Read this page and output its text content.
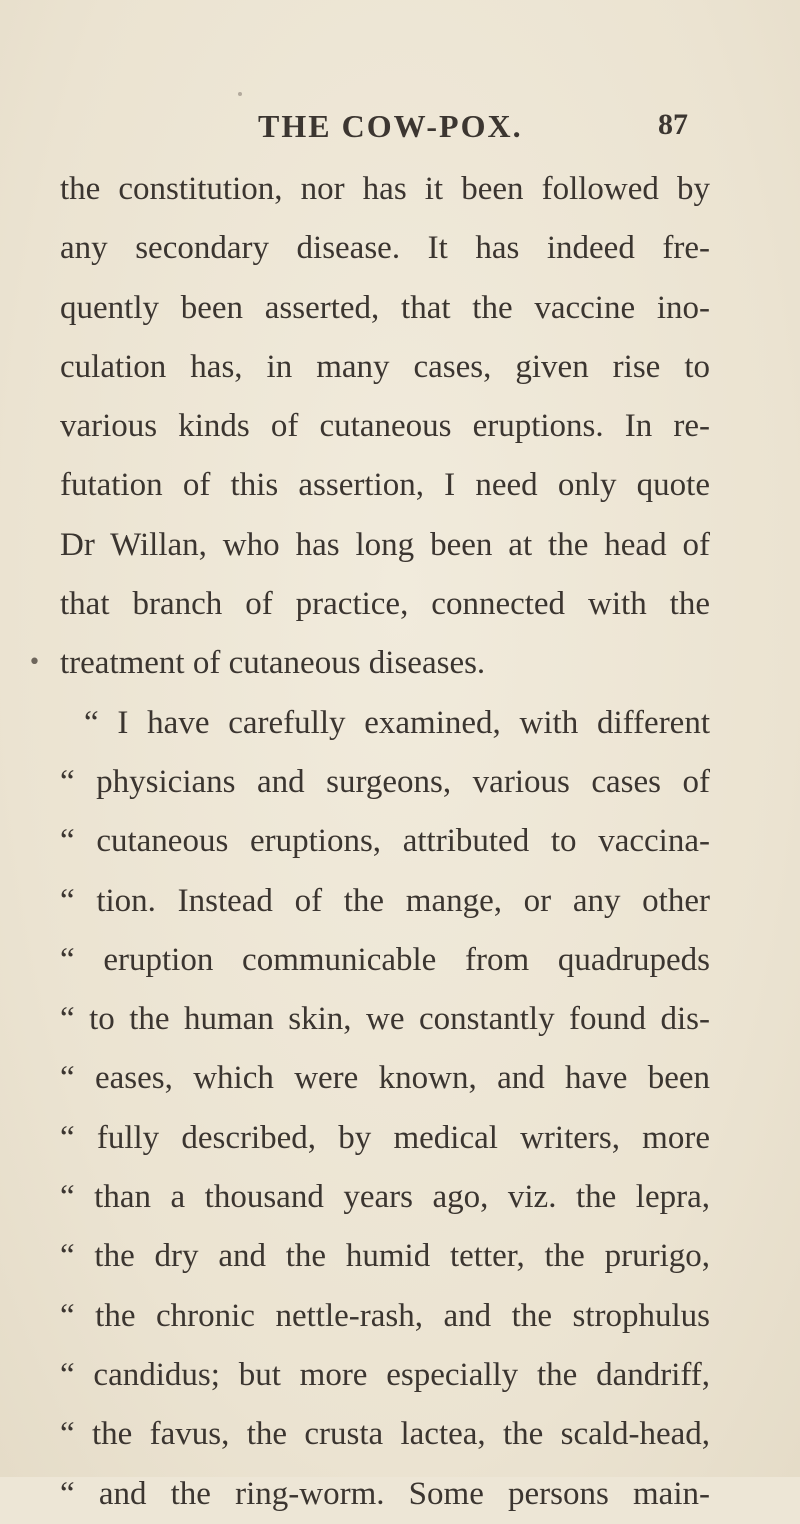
THE COW-POX.	87
•
the constitution, nor has it been followed by
any secondary disease. It has indeed fre-
quently been asserted, that the vaccine ino-
culation has, in many cases, given rise to
various kinds of cutaneous eruptions. In re-
futation of this assertion, I need only quote
Dr Willan, who has long been at the head of
that branch of practice, connected with the
treatment of cutaneous diseases.
“ I have carefully examined, with different
“ physicians and surgeons, various cases of
“ cutaneous eruptions, attributed to vaccina-
“ tion. Instead of the mange, or any other
“ eruption communicable from quadrupeds
“ to the human skin, we constantly found dis-
“ eases, which were known, and have been
“ fully described, by medical writers, more
“ than a thousand years ago, viz. the lepra,
“ the dry and the humid tetter, the prurigo,
“ the chronic nettle-rash, and the strophulus
“ candidus; but more especially the dandriff,
“ the favus, the crusta lactea, the scald-head,
“ and the ring-worm. Some persons main-
